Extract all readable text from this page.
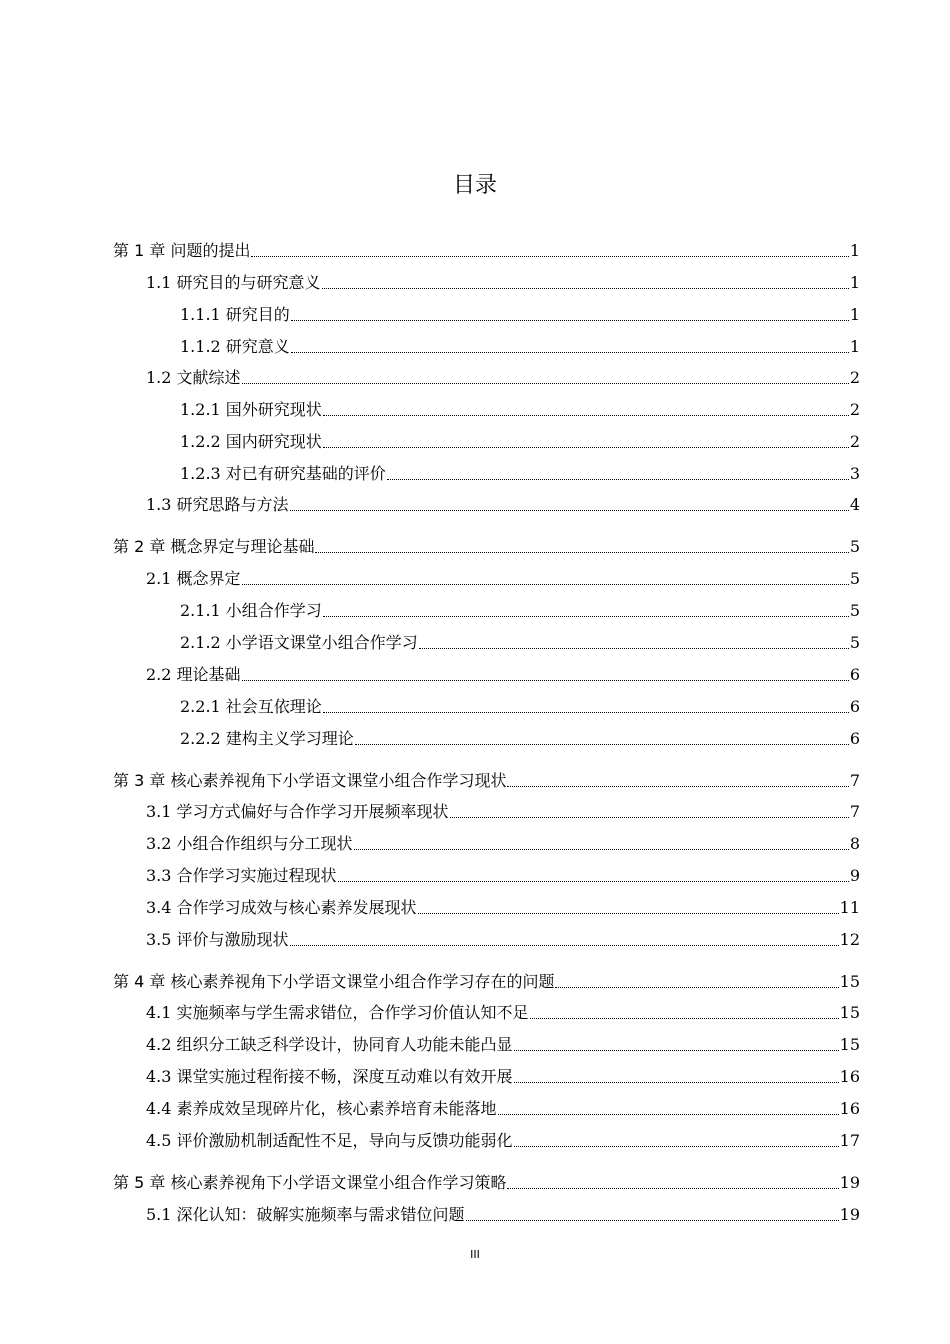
目录
第 1 章 问题的提出	1
1.1 研究目的与研究意义	1
1.1.1 研究目的	1
1.1.2 研究意义	1
1.2 文献综述	2
1.2.1 国外研究现状	2
1.2.2 国内研究现状	2
1.2.3 对已有研究基础的评价	3
1.3 研究思路与方法	4
第 2 章 概念界定与理论基础	5
2.1 概念界定	5
2.1.1 小组合作学习	5
2.1.2 小学语文课堂小组合作学习	5
2.2 理论基础	6
2.2.1 社会互依理论	6
2.2.2 建构主义学习理论	6
第 3 章 核心素养视角下小学语文课堂小组合作学习现状	7
3.1 学习方式偏好与合作学习开展频率现状	7
3.2 小组合作组织与分工现状	8
3.3 合作学习实施过程现状	9
3.4 合作学习成效与核心素养发展现状	11
3.5 评价与激励现状	12
第 4 章 核心素养视角下小学语文课堂小组合作学习存在的问题	15
4.1 实施频率与学生需求错位，合作学习价值认知不足	15
4.2 组织分工缺乏科学设计，协同育人功能未能凸显	15
4.3 课堂实施过程衔接不畅，深度互动难以有效开展	16
4.4 素养成效呈现碎片化，核心素养培育未能落地	16
4.5 评价激励机制适配性不足，导向与反馈功能弱化	17
第 5 章 核心素养视角下小学语文课堂小组合作学习策略	19
5.1 深化认知：破解实施频率与需求错位问题	19
III
